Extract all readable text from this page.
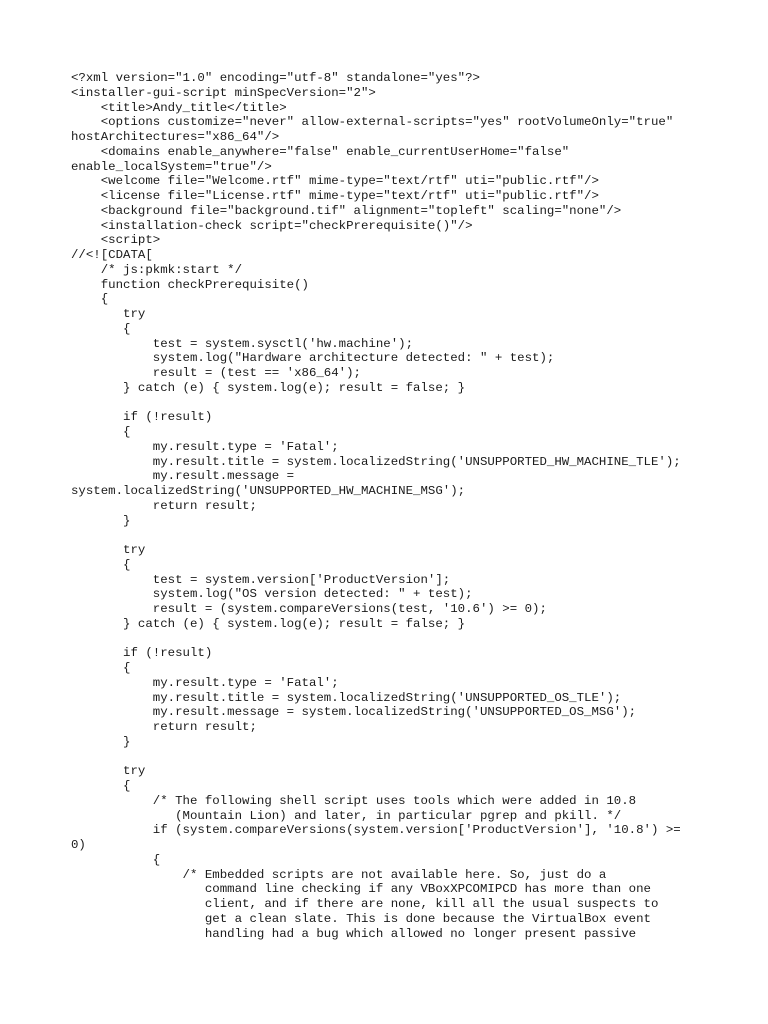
<?xml version="1.0" encoding="utf-8" standalone="yes"?>
<installer-gui-script minSpecVersion="2">
<title>Andy_title</title>
<options customize="never" allow-external-scripts="yes" rootVolumeOnly="true"
hostArchitectures="x86_64"/>
<domains enable_anywhere="false" enable_currentUserHome="false"
enable_localSystem="true"/>
<welcome file="Welcome.rtf" mime-type="text/rtf" uti="public.rtf"/>
<license file="License.rtf" mime-type="text/rtf" uti="public.rtf"/>
<background file="background.tif" alignment="topleft" scaling="none"/>
<installation-check script="checkPrerequisite()"/>
<script>
//<![CDATA[
/* js:pkmk:start */
function checkPrerequisite()
{
try
{
test = system.sysctl('hw.machine');
system.log("Hardware architecture detected: " + test);
result = (test == 'x86_64');
} catch (e) { system.log(e); result = false; }
if (!result)
{
my.result.type = 'Fatal';
my.result.title = system.localizedString('UNSUPPORTED_HW_MACHINE_TLE');
my.result.message =
system.localizedString('UNSUPPORTED_HW_MACHINE_MSG');
return result;
}
try
{
test = system.version['ProductVersion'];
system.log("OS version detected: " + test);
result = (system.compareVersions(test, '10.6') >= 0);
} catch (e) { system.log(e); result = false; }
if (!result)
{
my.result.type = 'Fatal';
my.result.title = system.localizedString('UNSUPPORTED_OS_TLE');
my.result.message = system.localizedString('UNSUPPORTED_OS_MSG');
return result;
}
try
{
/* The following shell script uses tools which were added in 10.8
(Mountain Lion) and later, in particular pgrep and pkill. */
if (system.compareVersions(system.version['ProductVersion'], '10.8') >=
0)
{
/* Embedded scripts are not available here. So, just do a
command line checking if any VBoxXPCOMIPCD has more than one
client, and if there are none, kill all the usual suspects to
get a clean slate. This is done because the VirtualBox event
handling had a bug which allowed no longer present passive
